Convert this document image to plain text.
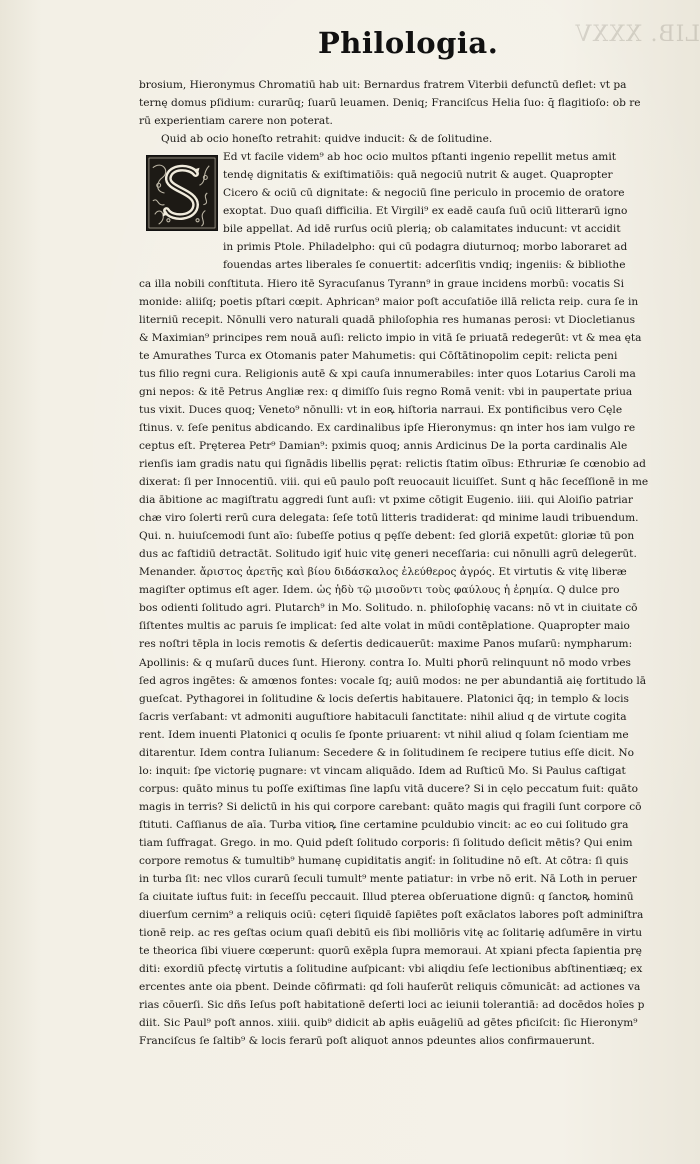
LIB. XXXV
Philologia.
brosium, Hieronymus Chromatiū hab uit: Bernardus fratrem Viterbii defunctū deflet: vt pa
ternę domus pſidium: curarūq; ſuarū leuamen. Deniq; Franciſcus Helia ſuo: q̄ flagitioſo: ob re
rū experientiam carere non poterat.
Quid ab ocio honeſto retrahit: quidve inducit: & de ſolitudine.
Ed vt facile videm⁹ ab hoc ocio multos pſtanti ingenio repellit metus amit
tendę dignitatis & exiſtimatiōis: quā negociū nutrit & auget. Quapropter
Cicero & ociū cū dignitate: & negociū ſine periculo in procemio de oratore
exoptat. Duo quaſi difficilia. Et Virgili⁹ ex eadē cauſa ſuū ociū litterarū igno
bile appellat. Ad idē rurſus ociū plerią; ob calamitates inducunt: vt accidit
in primis Ptole. Philadelpho: qui cū podagra diuturnoq; morbo laboraret ad
fouendas artes liberales ſe conuertit: adcerſitis vndiq; ingeniis: & bibliothe
ca illa nobili conſtituta. Hiero itē Syracuſanus Tyrann⁹ in graue incidens morbū: vocatis Si
monide: aliiſq; poetis pſtari cœpit. Aphrican⁹ maior poſt accuſatiōe illā relicta reip. cura ſe in
literniū recepit. Nōnulli vero naturali quadā philoſophia res humanas perosi: vt Diocletianus
& Maximian⁹ principes rem nouā auſi: relicto impio in vitā ſe priuatā redegerūt: vt & mea ętа
te Amurathes Turca ex Otomanis pater Mahumetis: qui Cōſtātinopolim cepit: relicta peni
tus filio regni cura. Religionis autē & xpi cauſa innumerabiles: inter quos Lotarius Caroli ma
gni nepos: & itē Petrus Angliæ rex: q dimiſſo ſuis regno Romā venit: vbi in paupertate priua
tus vixit. Duces quoq; Veneto⁹ nōnulli: vt in eoꝶ hiſtoria narraui. Ex pontificibus vero Cęle
ſtinus. v. ſeſe penitus abdicando. Ex cardinalibus ipſe Hieronymus: qn inter hos iam vulgo re
ceptus eſt. Pręterea Petr⁹ Damian⁹: pximis quoq; annis Ardicinus De la porta cardinalis Ale
rienſis iam gradis natu qui ſignādis libellis pęrat: relictis ſtatim oībus: Ethruriæ ſe cœnobio ad
dixerat: ſi per Innocentiū. viii. qui eū paulo poſt reuocauit licuiſſet. Sunt q hāc ſeceſſionē in me
dia ābitione ac magiſtratu aggredi ſunt auſi: vt pxime cōtigit Eugenio. iiii. qui Aloiſio patriar
chæ viro ſolerti rerū cura delegata: ſeſe totū litteris tradiderat: qd minime laudi tribuendum.
Qui. n. huiuſcemodi ſunt aīo: ſubeſſe potius q pęſſe debent: ſed gloriā expetūt: gloriæ tū pon
dus ac faſtidiū detractāt. Solitudo igiť huic vitę generi neceſſaria: cui nōnulli agrū delegerūt.
Menander. ἄριστος ἀρετῆς καὶ βίου διδάσκαλος ἐλεύθερος ἀγρός. Et virtutis & vitę liberæ
magiſter optimus eſt ager. Idem. ὡς ἡδὺ τῷ μισοῦντι τοὺς φαύλους ἡ ἐρημία. Q dulce pro
bos odienti ſolitudo agri. Plutarch⁹ in Mo. Solitudo. n. philoſophię vacans: nō vt in ciuitate cō
ſiſtentes multis ac paruis ſe implicat: ſed alte volat in mūdi contēplatione. Quapropter maio
res noſtri tēpla in locis remotis & deſertis dedicauerūt: maxime Panos muſarū: nympharum:
Apollinis: & q muſarū duces ſunt. Hierony. contra Io. Multi pħorū relinquunt nō modo vrbes
ſed agros ingētes: & amœnos fontes: vocale ſq; auiū modos: ne per abundantiā aię fortitudo lā
gueſcat. Pythagorei in ſolitudine & locis deſertis habitauere. Platonici q̄q; in templo & locis
ſacris verſabant: vt admoniti auguſtiore habitaculi ſanctitate: nihil aliud q de virtute cogita
rent. Idem inuenti Platonici q oculis ſe ſponte priuarent: vt nihil aliud q ſolam ſcientiam me
ditarentur. Idem contra Iulianum: Secedere & in ſolitudinem ſe recipere tutius eſſe dicit. No
lo: inquit: ſpe victorię pugnare: vt vincam aliquādo. Idem ad Ruſticū Mo. Si Paulus caſtigat
corpus: quāto minus tu poſſe exiſtimas ſine lapſu vitā ducere? Si in cęlo peccatum fuit: quāto
magis in terris? Si delictū in his qui corpore carebant: quāto magis qui fragili ſunt corpore cō
ſtituti. Caſſianus de aīa. Turba vitioꝶ ſine certamine pculdubio vincit: ac eo cui ſolitudo gra
tiam ſuffragat. Grego. in mo. Quid pdeſt ſolitudo corporis: ſi ſolitudo deſicit mētis? Qui enim
corpore remotus & tumultib⁹ humanę cupiditatis angiť: in ſolitudine nō eſt. At cōtra: ſi quis
in turba ſit: nec vllos curarū ſeculi tumult⁹ mente patiatur: in vrbe nō erit. Nā Loth in peruer
ſa ciuitate iuſtus fuit: in ſeceſſu peccauit. Illud pterea obſeruatione dignū: q ſanctoꝶ hominū
diuerſum cernim⁹ a reliquis ociū: cęteri ſiquidē ſapiētes poſt exāclatos labores poſt adminiſtra
tionē reip. ac res geſtas ocium quaſi debitū eis ſibi molliōris vitę ac ſolitarię adſumēre in virtu
te theorica ſibi viuere cœperunt: quorū exēpla ſupra memoraui. At xpiani pfecta ſapientia prę
diti: exordiū pfectę virtutis a ſolitudine auſpicant: vbi aliqdiu ſeſe lectionibus abſtinentiæq; ex
ercentes ante oia pbent. Deinde cōfirmati: qd ſoli hauſerūt reliquis cōmunicāt: ad actiones va
rias cōuerſi. Sic dñs Ieſus poſt habitationē deſerti loci ac ieiunii tolerantiā: ad docēdos hoīes p
diit. Sic Paul⁹ poſt annos. xiiii. quib⁹ didicit ab apłis euāgeliū ad gētes pficiſcit: ſic Hieronym⁹
Franciſcus ſe ſaltib⁹ & locis ferarū poſt aliquot annos pdeuntes alios confirmauerunt.
